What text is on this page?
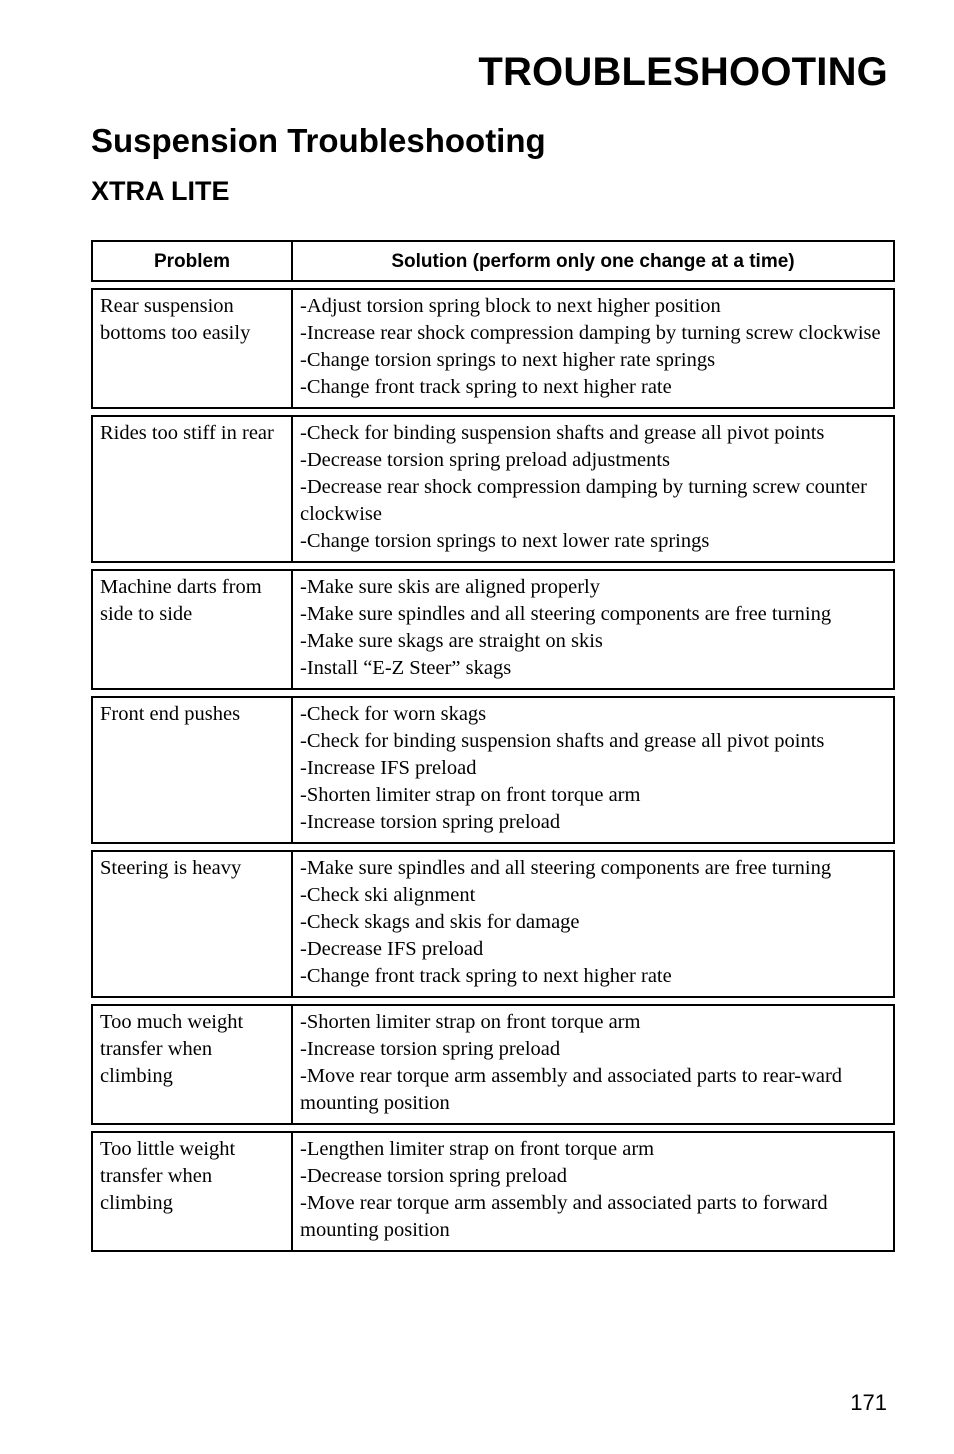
TROUBLESHOOTING
Suspension Troubleshooting
XTRA LITE
Problem	Solution (perform only one change at a time)

Rear suspension bottoms too easily	-Adjust torsion spring block to next higher position
-Increase rear shock compression damping by turning screw clockwise
-Change torsion springs to next higher rate springs
-Change front track spring to next higher rate

Rides too stiff in rear	-Check for binding suspension shafts and grease all pivot points
-Decrease torsion spring preload adjustments
-Decrease rear shock compression damping by turning screw counter clockwise
-Change torsion springs to next lower rate springs

Machine darts from side to side	-Make sure skis are aligned properly
-Make sure spindles and all steering components are free turning
-Make sure skags are straight on skis
-Install “E-Z Steer” skags

Front end pushes	-Check for worn skags
-Check for binding suspension shafts and grease all pivot points
-Increase IFS preload
-Shorten limiter strap on front torque arm
-Increase torsion spring preload

Steering is heavy	-Make sure spindles and all steering components are free turning
-Check ski alignment
-Check skags and skis for damage
-Decrease IFS preload
-Change front track spring to next higher rate

Too much weight transfer when climbing	-Shorten limiter strap on front torque arm
-Increase torsion spring preload
-Move rear torque arm assembly and associated parts to rear-ward mounting position

Too little weight transfer when climbing	-Lengthen limiter strap on front torque arm
-Decrease torsion spring preload
-Move rear torque arm assembly and associated parts to forward mounting position
171
